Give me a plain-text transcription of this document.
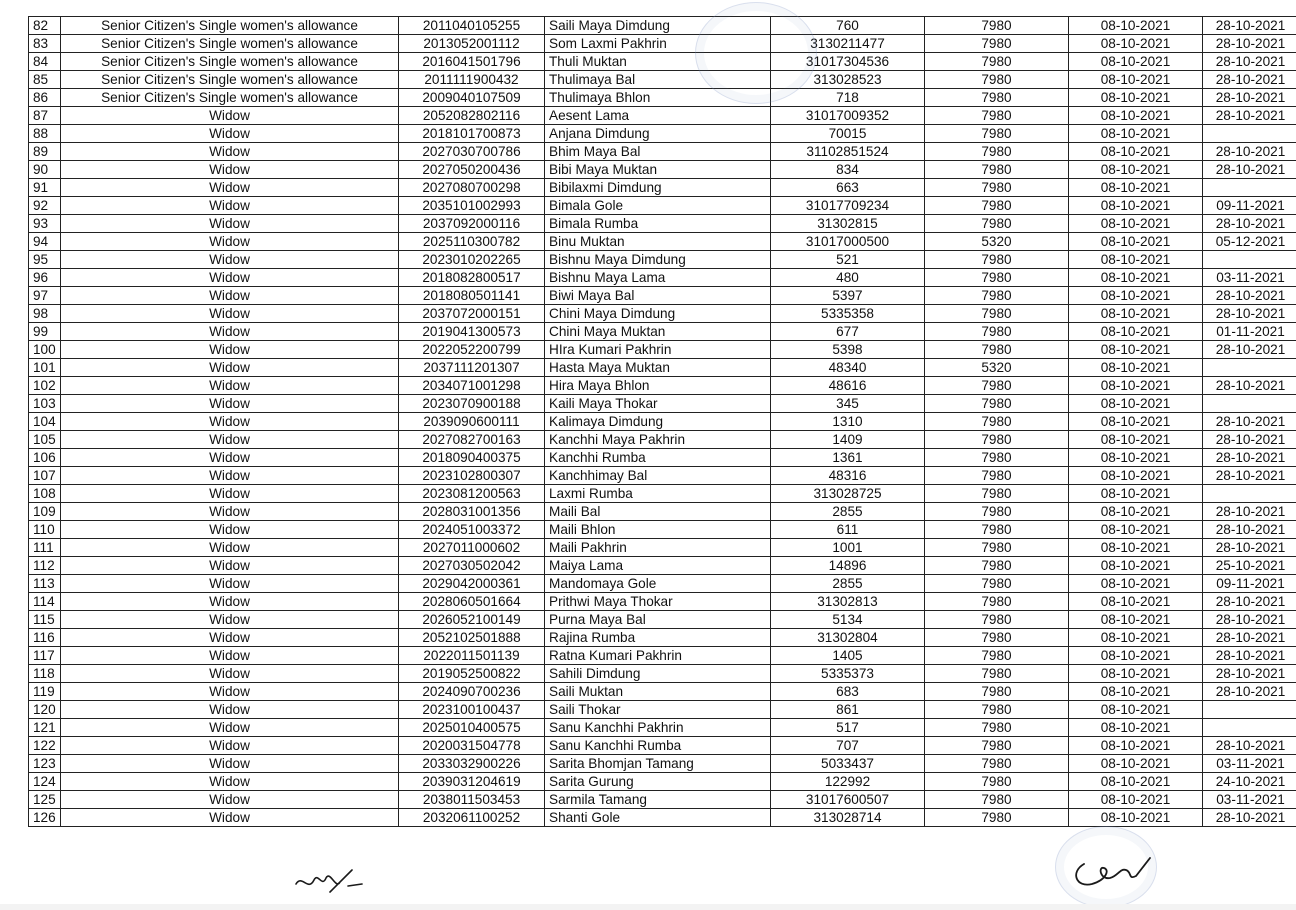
82	Senior Citizen's Single women's allowance	2011040105255	Saili Maya Dimdung	760	7980	08-10-2021	28-10-2021
83	Senior Citizen's Single women's allowance	2013052001112	Som Laxmi Pakhrin	3130211477	7980	08-10-2021	28-10-2021
84	Senior Citizen's Single women's allowance	2016041501796	Thuli Muktan	31017304536	7980	08-10-2021	28-10-2021
85	Senior Citizen's Single women's allowance	2011111900432	Thulimaya Bal	313028523	7980	08-10-2021	28-10-2021
86	Senior Citizen's Single women's allowance	2009040107509	Thulimaya Bhlon	718	7980	08-10-2021	28-10-2021
87	Widow	2052082802116	Aesent Lama	31017009352	7980	08-10-2021	28-10-2021
88	Widow	2018101700873	Anjana Dimdung	70015	7980	08-10-2021	
89	Widow	2027030700786	Bhim Maya Bal	31102851524	7980	08-10-2021	28-10-2021
90	Widow	2027050200436	Bibi Maya Muktan	834	7980	08-10-2021	28-10-2021
91	Widow	2027080700298	Bibilaxmi Dimdung	663	7980	08-10-2021	
92	Widow	2035101002993	Bimala Gole	31017709234	7980	08-10-2021	09-11-2021
93	Widow	2037092000116	Bimala Rumba	31302815	7980	08-10-2021	28-10-2021
94	Widow	2025110300782	Binu Muktan	31017000500	5320	08-10-2021	05-12-2021
95	Widow	2023010202265	Bishnu Maya Dimdung	521	7980	08-10-2021	
96	Widow	2018082800517	Bishnu Maya Lama	480	7980	08-10-2021	03-11-2021
97	Widow	2018080501141	Biwi Maya Bal	5397	7980	08-10-2021	28-10-2021
98	Widow	2037072000151	Chini Maya Dimdung	5335358	7980	08-10-2021	28-10-2021
99	Widow	2019041300573	Chini Maya Muktan	677	7980	08-10-2021	01-11-2021
100	Widow	2022052200799	HIra Kumari Pakhrin	5398	7980	08-10-2021	28-10-2021
101	Widow	2037111201307	Hasta Maya Muktan	48340	5320	08-10-2021	
102	Widow	2034071001298	Hira Maya Bhlon	48616	7980	08-10-2021	28-10-2021
103	Widow	2023070900188	Kaili Maya Thokar	345	7980	08-10-2021	
104	Widow	2039090600111	Kalimaya Dimdung	1310	7980	08-10-2021	28-10-2021
105	Widow	2027082700163	Kanchhi Maya Pakhrin	1409	7980	08-10-2021	28-10-2021
106	Widow	2018090400375	Kanchhi Rumba	1361	7980	08-10-2021	28-10-2021
107	Widow	2023102800307	Kanchhimay Bal	48316	7980	08-10-2021	28-10-2021
108	Widow	2023081200563	Laxmi Rumba	313028725	7980	08-10-2021	
109	Widow	2028031001356	Maili Bal	2855	7980	08-10-2021	28-10-2021
110	Widow	2024051003372	Maili Bhlon	611	7980	08-10-2021	28-10-2021
111	Widow	2027011000602	Maili Pakhrin	1001	7980	08-10-2021	28-10-2021
112	Widow	2027030502042	Maiya Lama	14896	7980	08-10-2021	25-10-2021
113	Widow	2029042000361	Mandomaya Gole	2855	7980	08-10-2021	09-11-2021
114	Widow	2028060501664	Prithwi Maya Thokar	31302813	7980	08-10-2021	28-10-2021
115	Widow	2026052100149	Purna Maya Bal	5134	7980	08-10-2021	28-10-2021
116	Widow	2052102501888	Rajina Rumba	31302804	7980	08-10-2021	28-10-2021
117	Widow	2022011501139	Ratna Kumari Pakhrin	1405	7980	08-10-2021	28-10-2021
118	Widow	2019052500822	Sahili Dimdung	5335373	7980	08-10-2021	28-10-2021
119	Widow	2024090700236	Saili Muktan	683	7980	08-10-2021	28-10-2021
120	Widow	2023100100437	Saili Thokar	861	7980	08-10-2021	
121	Widow	2025010400575	Sanu Kanchhi Pakhrin	517	7980	08-10-2021	
122	Widow	2020031504778	Sanu Kanchhi Rumba	707	7980	08-10-2021	28-10-2021
123	Widow	2033032900226	Sarita Bhomjan Tamang	5033437	7980	08-10-2021	03-11-2021
124	Widow	2039031204619	Sarita Gurung	122992	7980	08-10-2021	24-10-2021
125	Widow	2038011503453	Sarmila Tamang	31017600507	7980	08-10-2021	03-11-2021
126	Widow	2032061100252	Shanti Gole	313028714	7980	08-10-2021	28-10-2021
